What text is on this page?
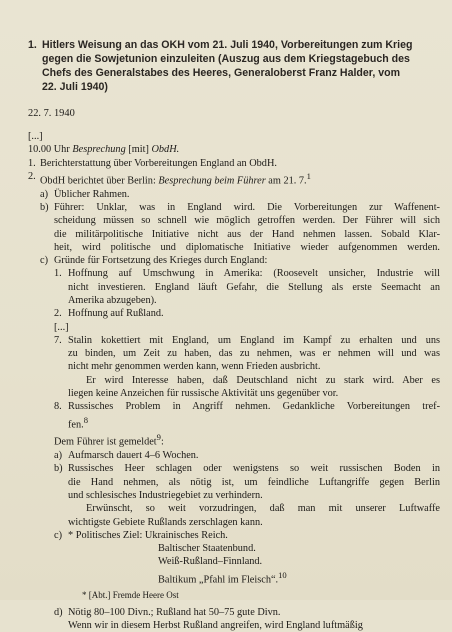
1. Hitlers Weisung an das OKH vom 21. Juli 1940, Vorbereitungen zum Krieg
gegen die Sowjetunion einzuleiten (Auszug aus dem Kriegstagebuch des
Chefs des Generalstabes des Heeres, Generaloberst Franz Halder, vom
22. Juli 1940)
22. 7. 1940
[...]
10.00 Uhr Besprechung [mit] ObdH.
1. Berichterstattung über Vorbereitungen England an ObdH.
2. ObdH berichtet über Berlin: Besprechung beim Führer am 21. 7.$^1$
a) Üblicher Rahmen.
b) Führer: Unklar, was in England wird. Die Vorbereitungen zur Waffenent-
scheidung müssen so schnell wie möglich getroffen werden. Der Führer will sich
die militärpolitische Initiative nicht aus der Hand nehmen lassen. Sobald Klar-
heit, wird politische und diplomatische Initiative wieder aufgenommen werden.
c) Gründe für Fortsetzung des Krieges durch England:
1. Hoffnung auf Umschwung in Amerika: (Roosevelt unsicher, Industrie will
nicht investieren. England läuft Gefahr, die Stellung als erste Seemacht an
Amerika abzugeben).
2. Hoffnung auf Rußland.
[...]
7. Stalin kokettiert mit England, um England im Kampf zu erhalten und uns
zu binden, um Zeit zu haben, das zu nehmen, was er nehmen will und was
nicht mehr genommen werden kann, wenn Frieden ausbricht.
Er wird Interesse haben, daß Deutschland nicht zu stark wird. Aber es
liegen keine Anzeichen für russische Aktivität uns gegenüber vor.
8. Russisches Problem in Angriff nehmen. Gedankliche Vorbereitungen tref-
fen.$^8$
Dem Führer ist gemeldet$^9$:
a) Aufmarsch dauert 4–6 Wochen.
b) Russisches Heer schlagen oder wenigstens so weit russischen Boden in
die Hand nehmen, als nötig ist, um feindliche Luftangriffe gegen Berlin
und schlesisches Industriegebiet zu verhindern.
Erwünscht, so weit vorzudringen, daß man mit unserer Luftwaffe
wichtigste Gebiete Rußlands zerschlagen kann.
c) * Politisches Ziel: Ukrainisches Reich.
Baltischer Staatenbund.
Weiß-Rußland–Finnland.
Baltikum „Pfahl im Fleisch“.$^{10}$
* [Abt.] Fremde Heere Ost
d) Nötig 80–100 Divn.; Rußland hat 50–75 gute Divn.
Wenn wir in diesem Herbst Rußland angreifen, wird England luftmäßig
